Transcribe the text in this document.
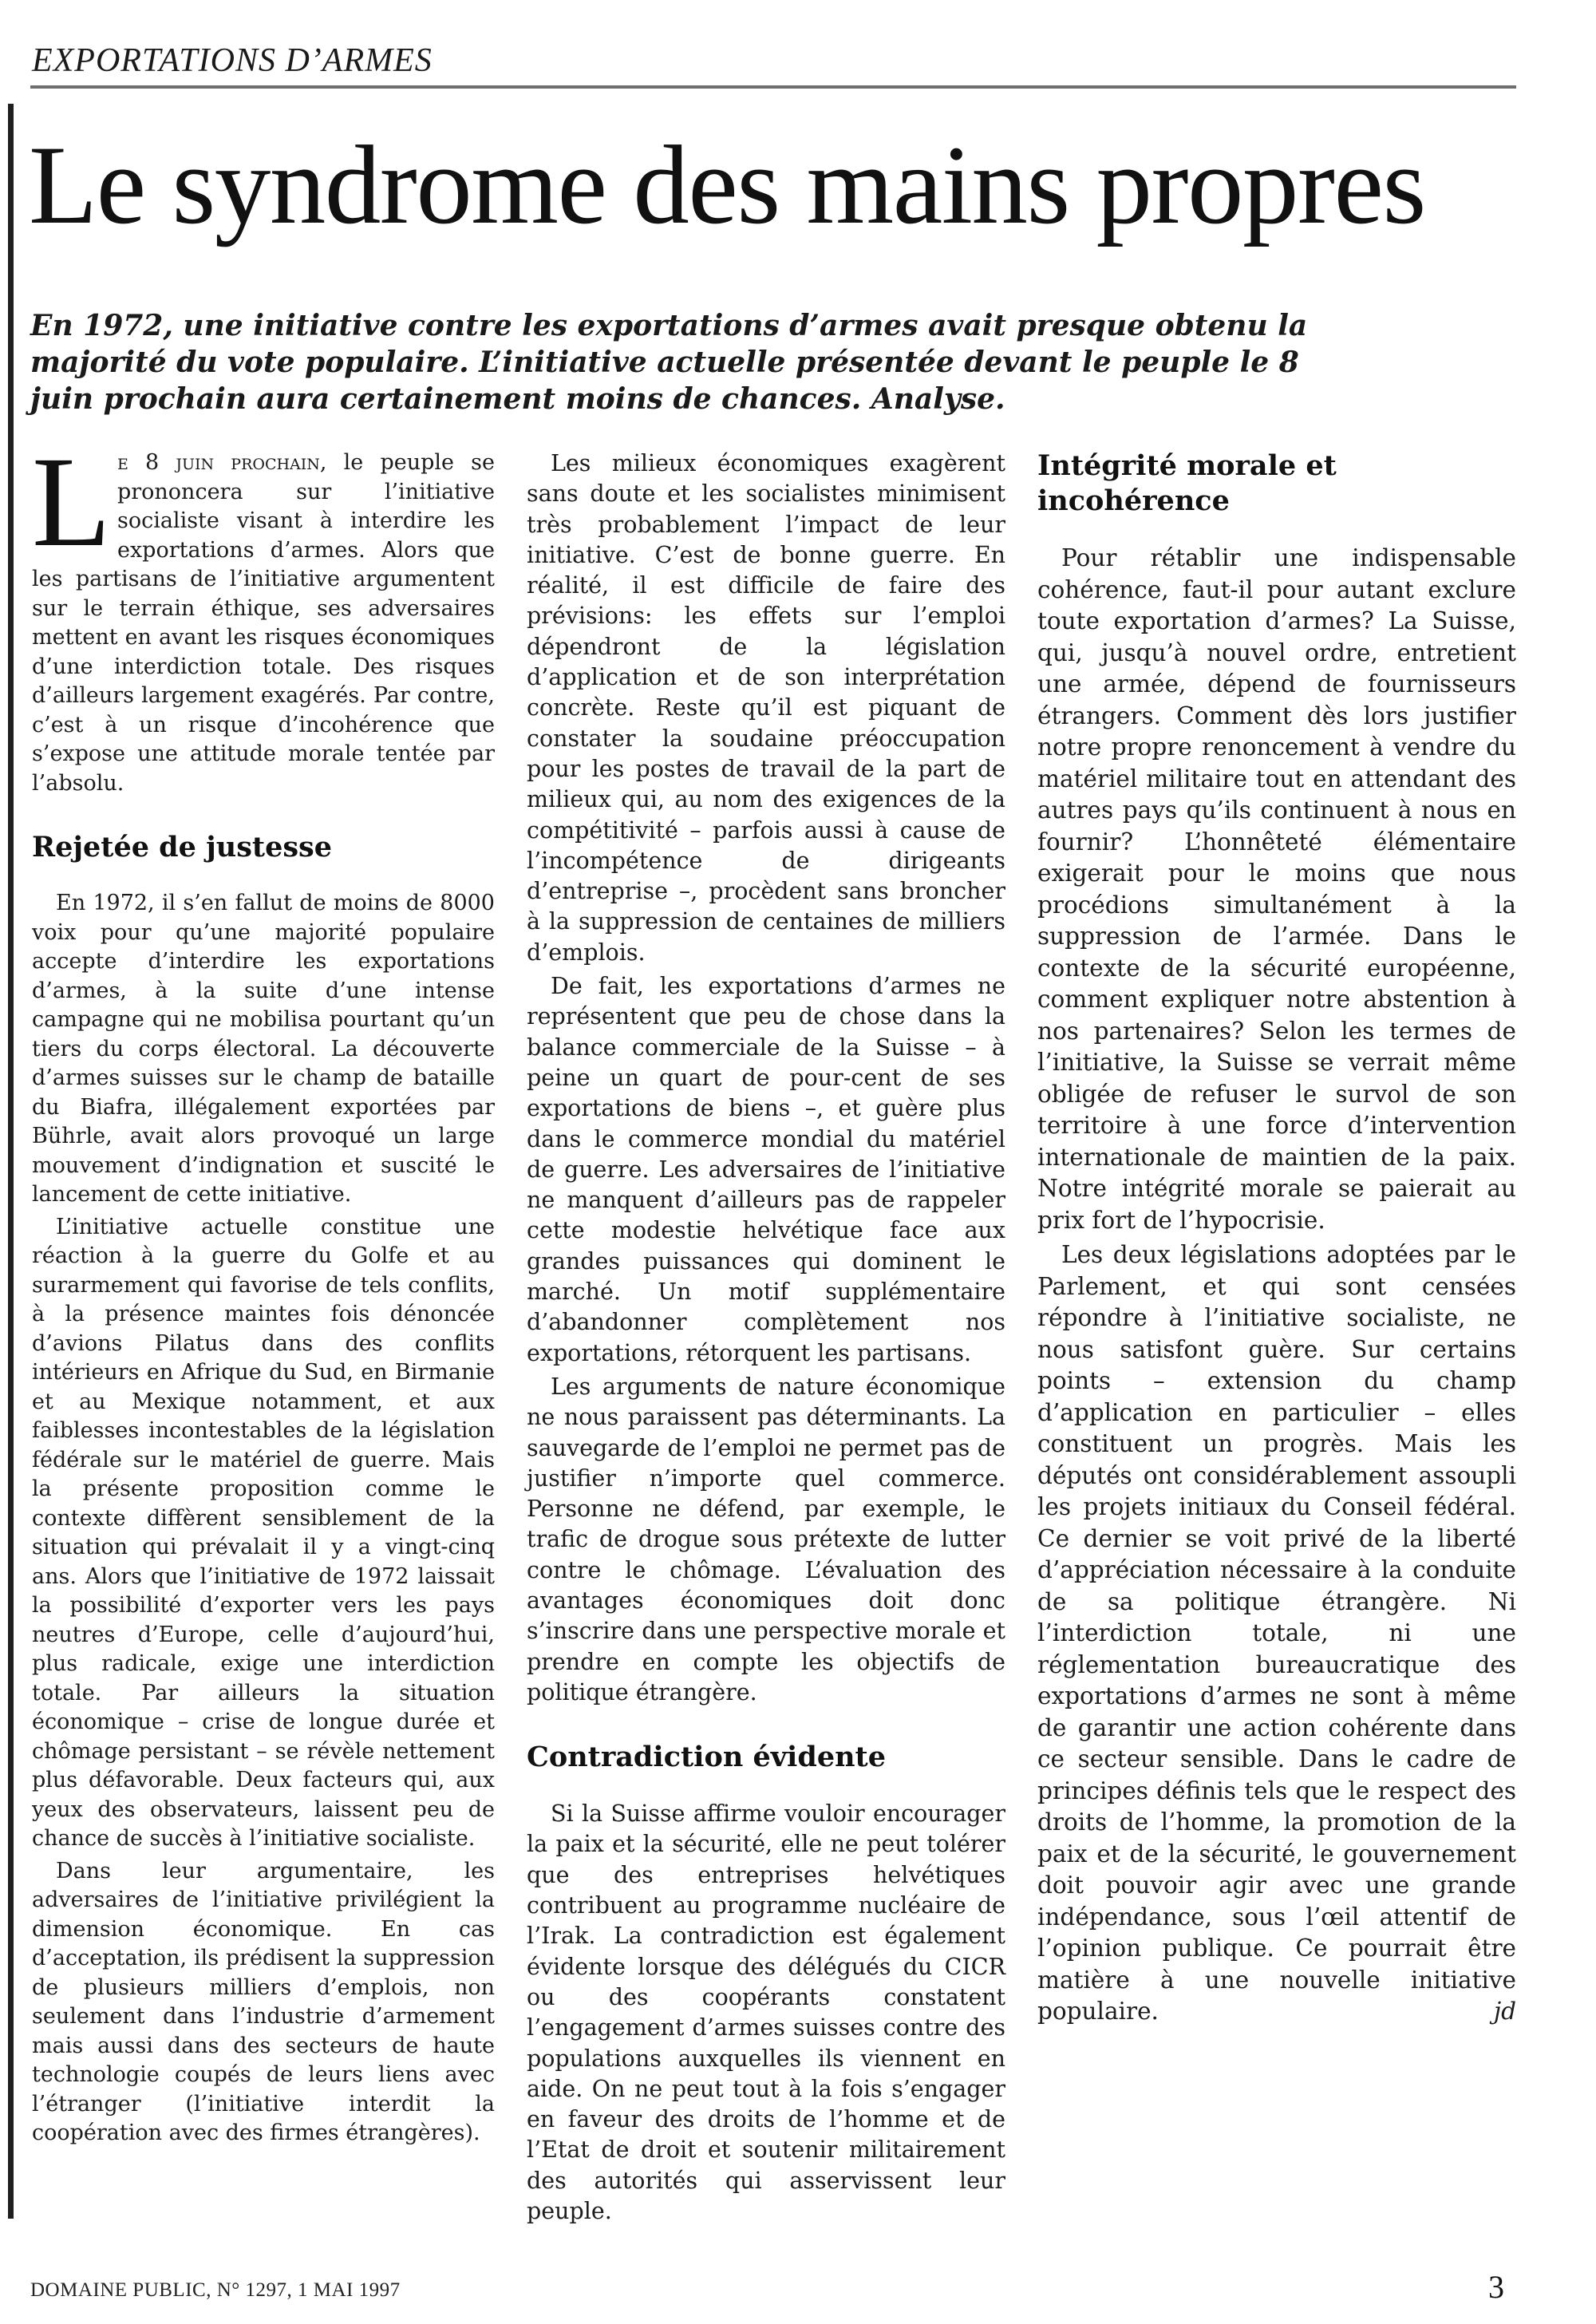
EXPORTATIONS D’ARMES
Le syndrome des mains propres
En 1972, une initiative contre les exportations d’armes avait presque obtenu la majorité du vote populaire. L’initiative actuelle présentée devant le peuple le 8 juin prochain aura certainement moins de chances. Analyse.

Le 8 juin prochain, le peuple se prononcera sur l’initiative socialiste visant à interdire les exportations d’armes. Alors que les partisans de l’initiative argumentent sur le terrain éthique, ses adversaires mettent en avant les risques économiques d’une interdiction totale. Des risques d’ailleurs largement exagérés. Par contre, c’est à un risque d’incohérence que s’expose une attitude morale tentée par l’absolu.

Rejetée de justesse

En 1972, il s’en fallut de moins de 8000 voix pour qu’une majorité populaire accepte d’interdire les exportations d’armes, à la suite d’une intense campagne qui ne mobilisa pourtant qu’un tiers du corps électoral. La découverte d’armes suisses sur le champ de bataille du Biafra, illégalement exportées par Bührle, avait alors provoqué un large mouvement d’indignation et suscité le lancement de cette initiative.

L’initiative actuelle constitue une réaction à la guerre du Golfe et au surarmement qui favorise de tels conflits, à la présence maintes fois dénoncée d’avions Pilatus dans des conflits intérieurs en Afrique du Sud, en Birmanie et au Mexique notamment, et aux faiblesses incontestables de la législation fédérale sur le matériel de guerre. Mais la présente proposition comme le contexte diffèrent sensiblement de la situation qui prévalait il y a vingt-cinq ans. Alors que l’initiative de 1972 laissait la possibilité d’exporter vers les pays neutres d’Europe, celle d’aujourd’hui, plus radicale, exige une interdiction totale. Par ailleurs la situation économique – crise de longue durée et chômage persistant – se révèle nettement plus défavorable. Deux facteurs qui, aux yeux des observateurs, laissent peu de chance de succès à l’initiative socialiste.

Dans leur argumentaire, les adversaires de l’initiative privilégient la dimension économique. En cas d’acceptation, ils prédisent la suppression de plusieurs milliers d’emplois, non seulement dans l’industrie d’armement mais aussi dans des secteurs de haute technologie coupés de leurs liens avec l’étranger (l’initiative interdit la coopération avec des firmes étrangères).

Les milieux économiques exagèrent sans doute et les socialistes minimisent très probablement l’impact de leur initiative. C’est de bonne guerre. En réalité, il est difficile de faire des prévisions: les effets sur l’emploi dépendront de la législation d’application et de son interprétation concrète. Reste qu’il est piquant de constater la soudaine préoccupation pour les postes de travail de la part de milieux qui, au nom des exigences de la compétitivité – parfois aussi à cause de l’incompétence de dirigeants d’entreprise –, procèdent sans broncher à la suppression de centaines de milliers d’emplois.

De fait, les exportations d’armes ne représentent que peu de chose dans la balance commerciale de la Suisse – à peine un quart de pour-cent de ses exportations de biens –, et guère plus dans le commerce mondial du matériel de guerre. Les adversaires de l’initiative ne manquent d’ailleurs pas de rappeler cette modestie helvétique face aux grandes puissances qui dominent le marché. Un motif supplémentaire d’abandonner complètement nos exportations, rétorquent les partisans.

Les arguments de nature économique ne nous paraissent pas déterminants. La sauvegarde de l’emploi ne permet pas de justifier n’importe quel commerce. Personne ne défend, par exemple, le trafic de drogue sous prétexte de lutter contre le chômage. L’évaluation des avantages économiques doit donc s’inscrire dans une perspective morale et prendre en compte les objectifs de politique étrangère.

Contradiction évidente

Si la Suisse affirme vouloir encourager la paix et la sécurité, elle ne peut tolérer que des entreprises helvétiques contribuent au programme nucléaire de l’Irak. La contradiction est également évidente lorsque des délégués du CICR ou des coopérants constatent l’engagement d’armes suisses contre des populations auxquelles ils viennent en aide. On ne peut tout à la fois s’engager en faveur des droits de l’homme et de l’Etat de droit et soutenir militairement des autorités qui asservissent leur peuple.

Intégrité morale et incohérence

Pour rétablir une indispensable cohérence, faut-il pour autant exclure toute exportation d’armes? La Suisse, qui, jusqu’à nouvel ordre, entretient une armée, dépend de fournisseurs étrangers. Comment dès lors justifier notre propre renoncement à vendre du matériel militaire tout en attendant des autres pays qu’ils continuent à nous en fournir? L’honnêteté élémentaire exigerait pour le moins que nous procédions simultanément à la suppression de l’armée. Dans le contexte de la sécurité européenne, comment expliquer notre abstention à nos partenaires? Selon les termes de l’initiative, la Suisse se verrait même obligée de refuser le survol de son territoire à une force d’intervention internationale de maintien de la paix. Notre intégrité morale se paierait au prix fort de l’hypocrisie.

Les deux législations adoptées par le Parlement, et qui sont censées répondre à l’initiative socialiste, ne nous satisfont guère. Sur certains points – extension du champ d’application en particulier – elles constituent un progrès. Mais les députés ont considérablement assoupli les projets initiaux du Conseil fédéral. Ce dernier se voit privé de la liberté d’appréciation nécessaire à la conduite de sa politique étrangère. Ni l’interdiction totale, ni une réglementation bureaucratique des exportations d’armes ne sont à même de garantir une action cohérente dans ce secteur sensible. Dans le cadre de principes définis tels que le respect des droits de l’homme, la promotion de la paix et de la sécurité, le gouvernement doit pouvoir agir avec une grande indépendance, sous l’œil attentif de l’opinion publique. Ce pourrait être matière à une nouvelle initiative populaire.	jd

DOMAINE PUBLIC, N° 1297, 1 MAI 1997	3
